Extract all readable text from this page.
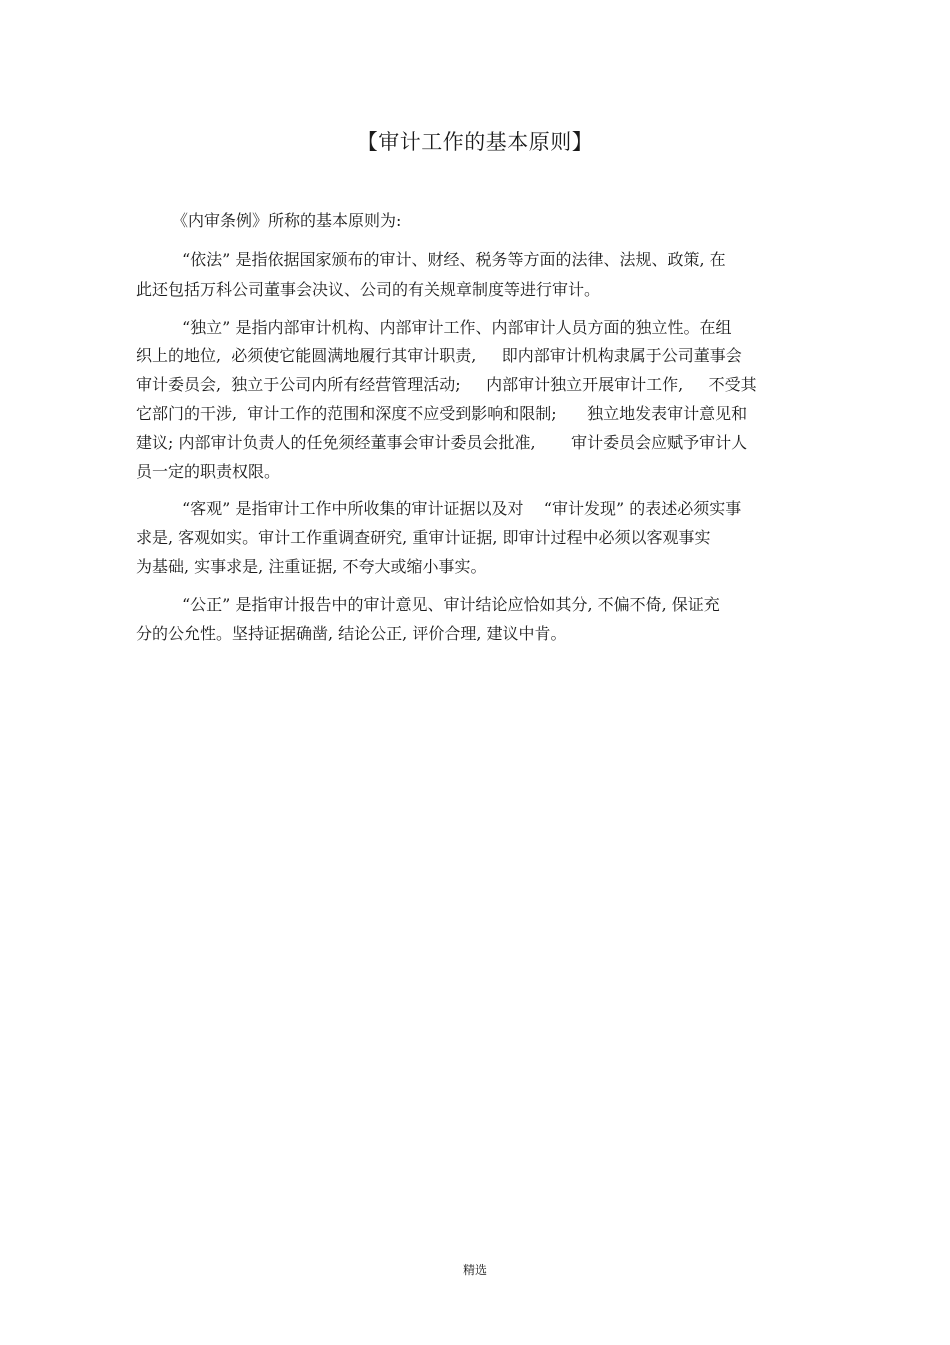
【审计工作的基本原则】
《内审条例》所称的基本原则为:
“依法” 是指依据国家颁布的审计、财经、税务等方面的法律、法规、政策, 在
此还包括万科公司董事会决议、公司的有关规章制度等进行审计。
“独立” 是指内部审计机构、内部审计工作、内部审计人员方面的独立性。在组
织上的地位,  必须使它能圆满地履行其审计职责,     即内部审计机构隶属于公司董事会
审计委员会,  独立于公司内所有经营管理活动;     内部审计独立开展审计工作,     不受其
它部门的干涉,  审计工作的范围和深度不应受到影响和限制;      独立地发表审计意见和
建议; 内部审计负责人的任免须经董事会审计委员会批准,       审计委员会应赋予审计人
员一定的职责权限。
“客观” 是指审计工作中所收集的审计证据以及对    “审计发现” 的表述必须实事
求是, 客观如实。审计工作重调查研究, 重审计证据, 即审计过程中必须以客观事实
为基础, 实事求是, 注重证据, 不夸大或缩小事实。
“公正” 是指审计报告中的审计意见、审计结论应恰如其分, 不偏不倚, 保证充
分的公允性。坚持证据确凿, 结论公正, 评价合理, 建议中肯。
精选
